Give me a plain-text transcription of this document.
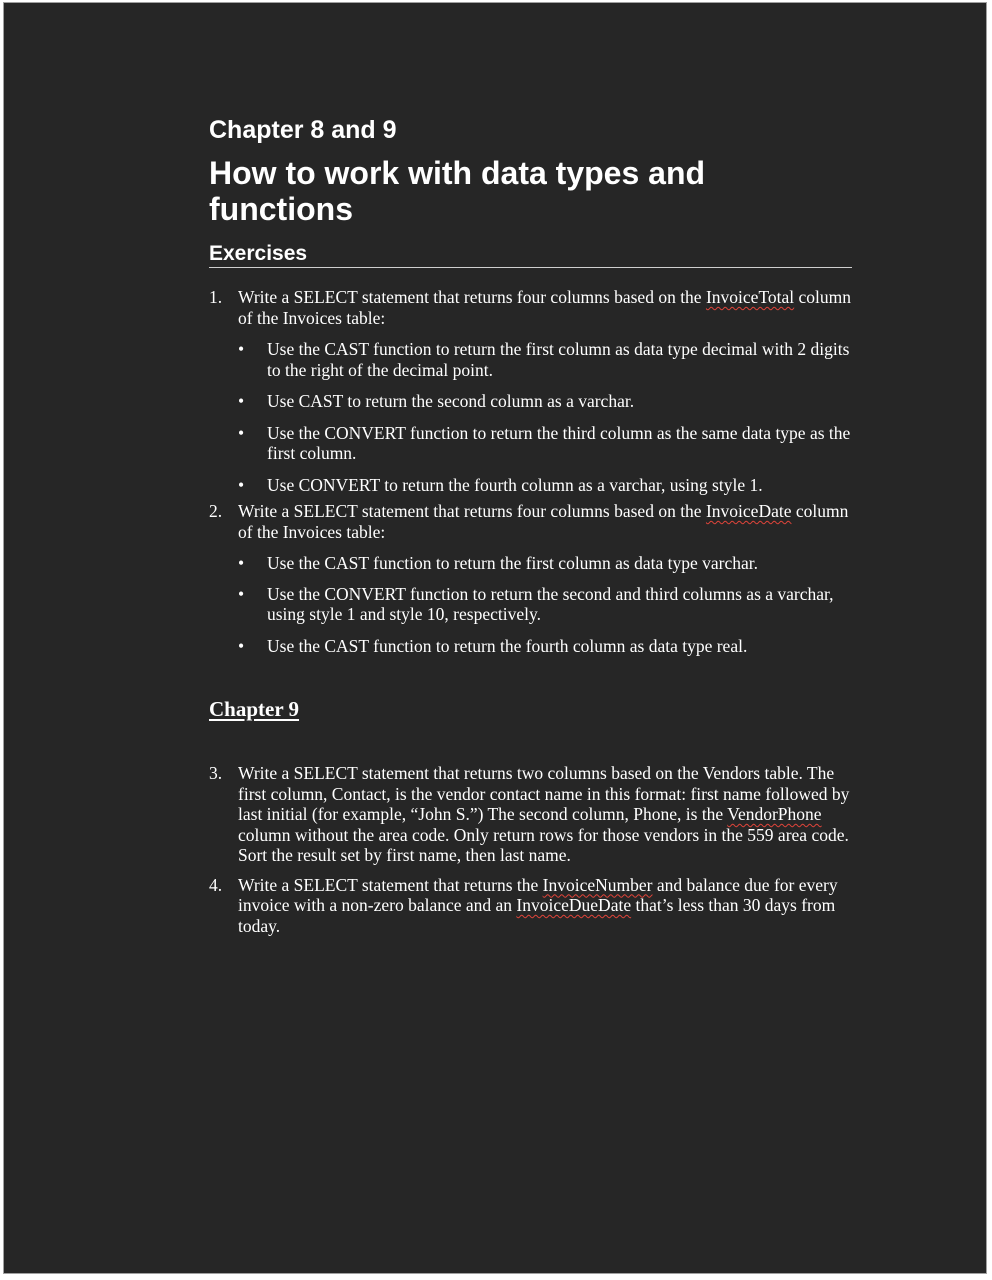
Chapter 8 and 9
How to work with data types and functions
Exercises
1. Write a SELECT statement that returns four columns based on the InvoiceTotal column of the Invoices table:
• Use the CAST function to return the first column as data type decimal with 2 digits to the right of the decimal point.
• Use CAST to return the second column as a varchar.
• Use the CONVERT function to return the third column as the same data type as the first column.
• Use CONVERT to return the fourth column as a varchar, using style 1.
2. Write a SELECT statement that returns four columns based on the InvoiceDate column of the Invoices table:
• Use the CAST function to return the first column as data type varchar.
• Use the CONVERT function to return the second and third columns as a varchar, using style 1 and style 10, respectively.
• Use the CAST function to return the fourth column as data type real.
Chapter 9
3. Write a SELECT statement that returns two columns based on the Vendors table. The first column, Contact, is the vendor contact name in this format: first name followed by last initial (for example, “John S.”) The second column, Phone, is the VendorPhone column without the area code. Only return rows for those vendors in the 559 area code. Sort the result set by first name, then last name.
4. Write a SELECT statement that returns the InvoiceNumber and balance due for every invoice with a non-zero balance and an InvoiceDueDate that’s less than 30 days from today.
